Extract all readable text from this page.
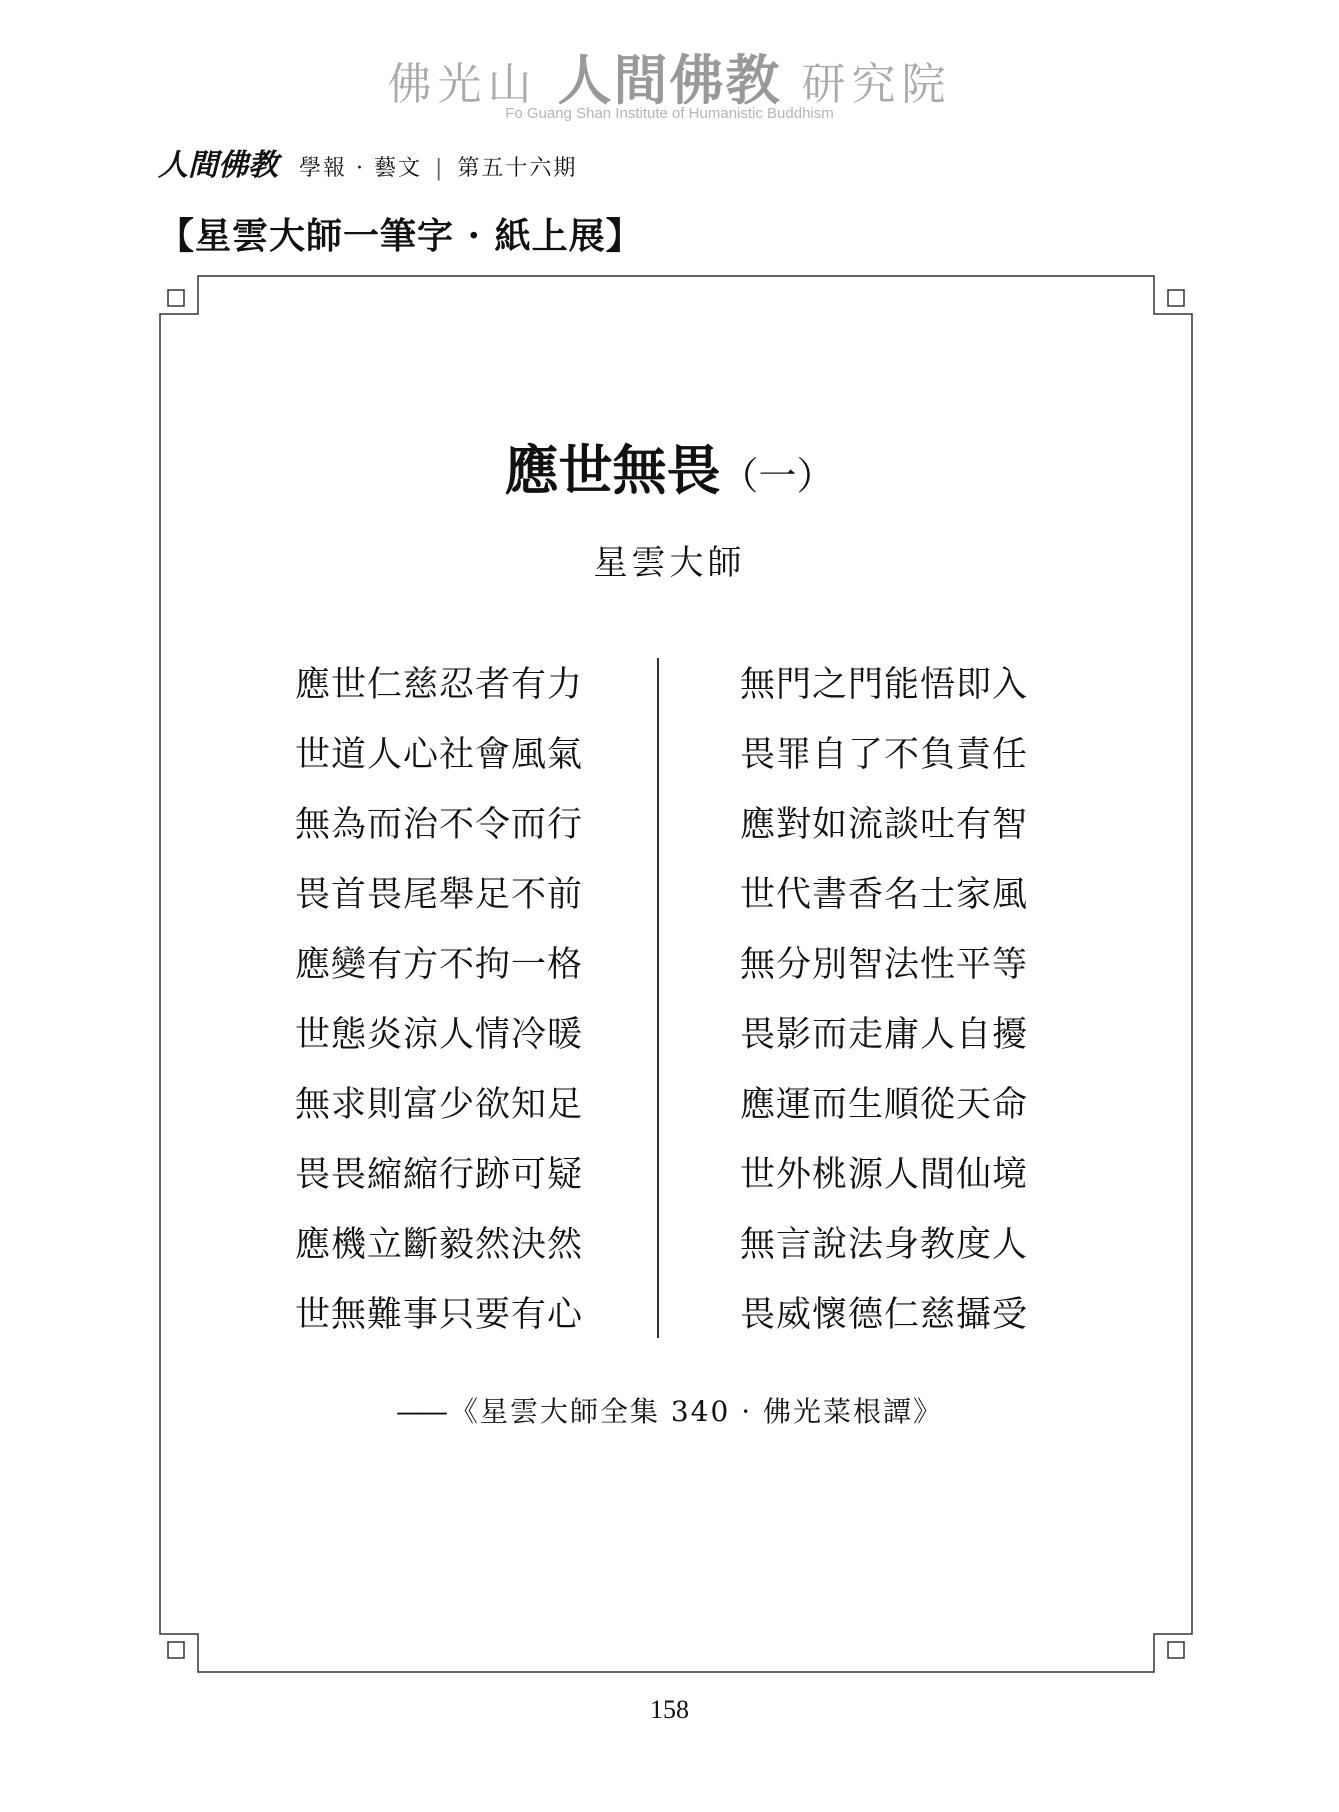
佛光山 人間佛教 研究院
Fo Guang Shan Institute of Humanistic Buddhism
人間佛教 學報 · 藝文 | 第五十六期
【星雲大師一筆字 · 紙上展】
應世無畏（一）
星雲大師
應世仁慈忍者有力
世道人心社會風氣
無為而治不令而行
畏首畏尾舉足不前
應變有方不拘一格
世態炎涼人情冷暖
無求則富少欲知足
畏畏縮縮行跡可疑
應機立斷毅然決然
世無難事只要有心
無門之門能悟即入
畏罪自了不負責任
應對如流談吐有智
世代書香名士家風
無分別智法性平等
畏影而走庸人自擾
應運而生順從天命
世外桃源人間仙境
無言說法身教度人
畏威懷德仁慈攝受
—— 《星雲大師全集 340 · 佛光菜根譚》
158
